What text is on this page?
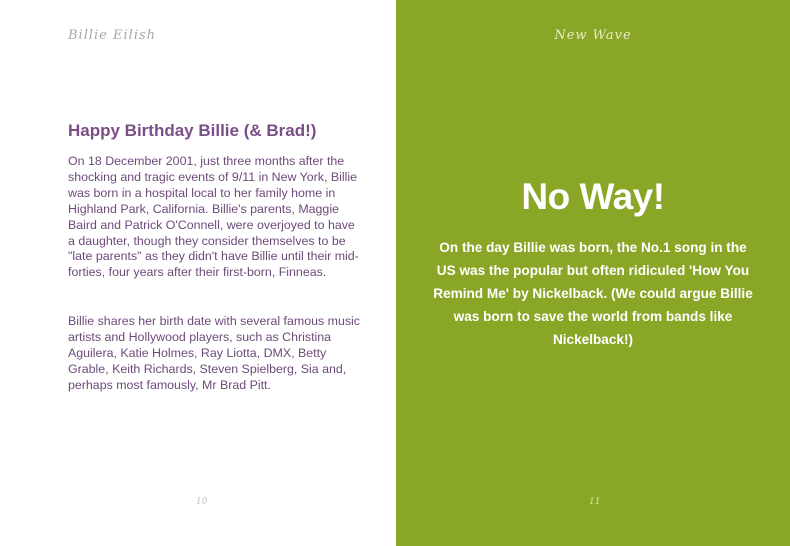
Billie Eilish
Happy Birthday Billie (& Brad!)

On 18 December 2001, just three months after the shocking and tragic events of 9/11 in New York, Billie was born in a hospital local to her family home in Highland Park, California. Billie's parents, Maggie Baird and Patrick O'Connell, were overjoyed to have a daughter, though they consider themselves to be "late parents" as they didn't have Billie until their mid-forties, four years after their first-born, Finneas.

Billie shares her birth date with several famous music artists and Hollywood players, such as Christina Aguilera, Katie Holmes, Ray Liotta, DMX, Betty Grable, Keith Richards, Steven Spielberg, Sia and, perhaps most famously, Mr Brad Pitt.

10
New Wave
No Way!

On the day Billie was born, the No.1 song in the US was the popular but often ridiculed 'How You Remind Me' by Nickelback. (We could argue Billie was born to save the world from bands like Nickelback!)

11
